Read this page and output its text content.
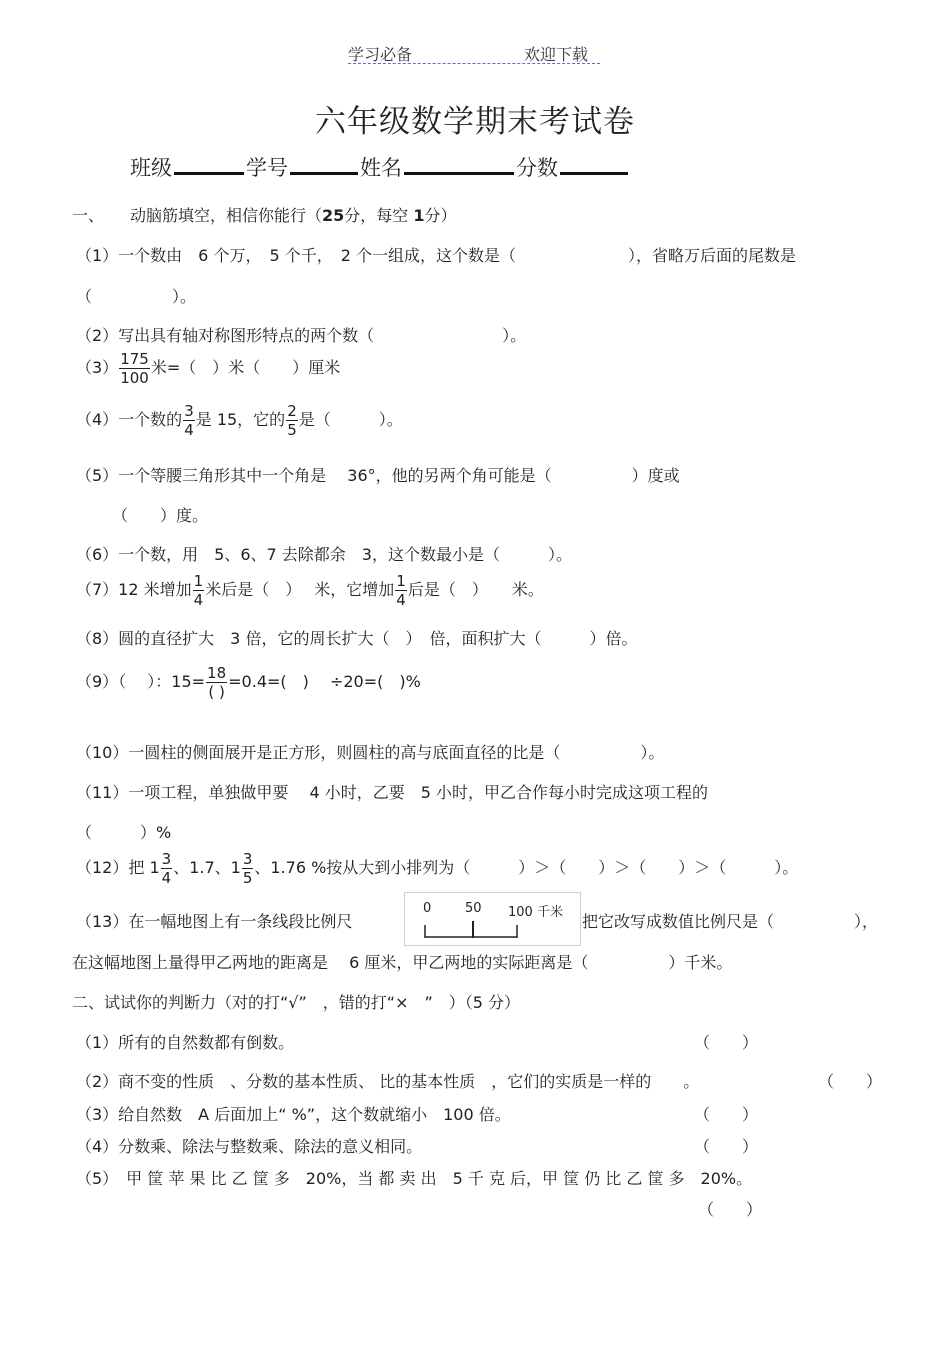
学习必备	欢迎下载
六年级数学期末考试卷
班级	学号	姓名	分数
一、 动脑筋填空，相信你能行（25分，每空 1分）
（1）一个数由　6 个万，　5 个千，　2 个一组成，这个数是（　　　　　　　），省略万后面的尾数是
（　　　　　）。
（2）写出具有轴对称图形特点的两个数（　　　　　　　　）。
$(3) \frac{175}{100}$ 米=（　）米（　　）厘米
（4）一个数的 $\frac{3}{4}$ 是 15，它的 $\frac{2}{5}$ 是（　　　）。
（5）一个等腰三角形其中一个角是　 36°，他的另两个角可能是（　　　　　）度或
（　　）度。
（6）一个数，用　5、6、7 去除都余　3，这个数最小是（　　　）。
（7）12 米增加 $\frac{1}{4}$ 米后是（　）　 米，它增加 $\frac{1}{4}$ 后是（　）　　米。
（8）圆的直径扩大　3 倍，它的周长扩大（　）　倍，面积扩大（　　　）倍。
（9）（　 ）：$15= \frac{18}{( )} =0.4=$(　)　 ÷20=(　)%
（10）一圆柱的侧面展开是正方形，则圆柱的高与底面直径的比是（　　　　　）。
（11）一项工程，单独做甲要　 4 小时，乙要　5 小时，甲乙合作每小时完成这项工程的
（　　　）%
（12）把 $1 \frac{3}{4}$ 、1.7、$1 \frac{3}{5}$ 、1.76 %按从大到小排列为（　　　）＞（　　）＞（　　）＞（　　　）。
（13）在一幅地图上有一条线段比例尺
0	50 100 千米 把它改写成数值比例尺是（　　　　　），
在这幅地图上量得甲乙两地的距离是　 6 厘米，甲乙两地的实际距离是（　　　　　）千米。
二、试试你的判断力（对的打“√”　，错的打“×　”　）（5 分）
（1）所有的自然数都有倒数。	（　　）
（2）商不变的性质　、分数的基本性质、 比的基本性质　，它们的实质是一样的　　。	（　　）
（3）给自然数　A 后面加上“ %”，这个数就缩小　100 倍。	（　　）
（4）分数乘、除法与整数乘、除法的意义相同。	（　　）
（5）　甲 筐 苹 果 比 乙 筐 多　20%，当 都 卖 出　5 千 克 后，甲 筐 仍 比 乙 筐 多　20%。
（　　）
